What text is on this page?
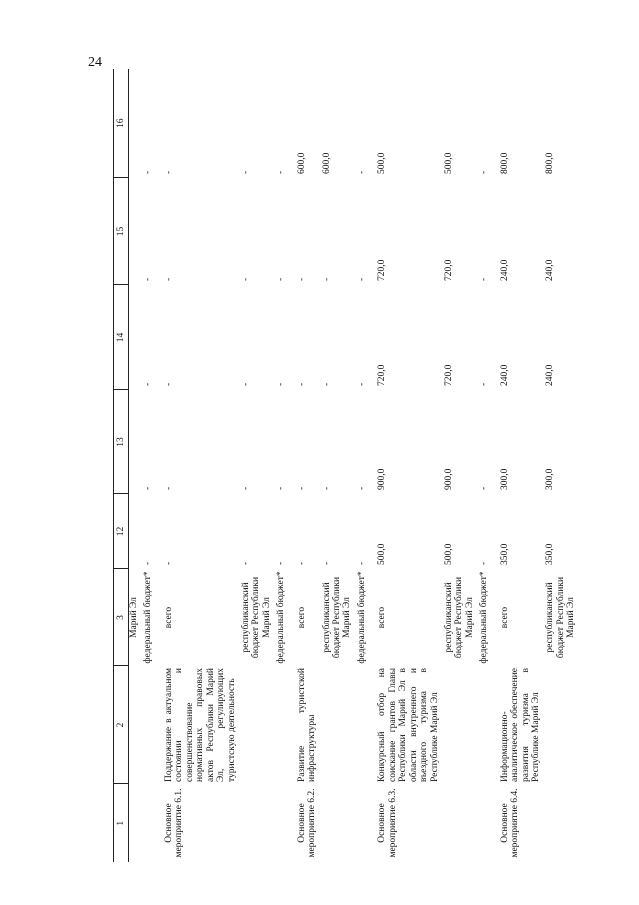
24
1	2	3	12	13	14	15	16
		Марий Эл					
		федеральный бюджет*	-	-	-	-	-
Основное мероприятие 6.1.	Поддержание в актуальном состоянии и совершенствование нормативных правовых актов Республики Марий Эл, регулирующих туристскую деятельность	всего	-	-	-	-	-
		республиканский бюджет Республики Марий Эл	-	-	-	-	-
		федеральный бюджет*	-	-	-	-	-
Основное мероприятие 6.2.	Развитие туристской инфраструктуры	всего	-	-	-	-	600,0
		республиканский бюджет Республики Марий Эл	-	-	-	-	600,0
		федеральный бюджет*	-	-	-	-	-
Основное мероприятие 6.3.	Конкурсный отбор на соискание грантов Главы Республики Марий Эл в области внутреннего и въездного туризма в Республике Марий Эл	всего	500,0	900,0	720,0	720,0	500,0
		республиканский бюджет Республики Марий Эл	500,0	900,0	720,0	720,0	500,0
		федеральный бюджет*	-	-	-	-	-
Основное мероприятие 6.4.	Информационно-аналитическое обеспечение развития туризма в Республике Марий Эл	всего	350,0	300,0	240,0	240,0	800,0
		республиканский бюджет Республики Марий Эл	350,0	300,0	240,0	240,0	800,0
